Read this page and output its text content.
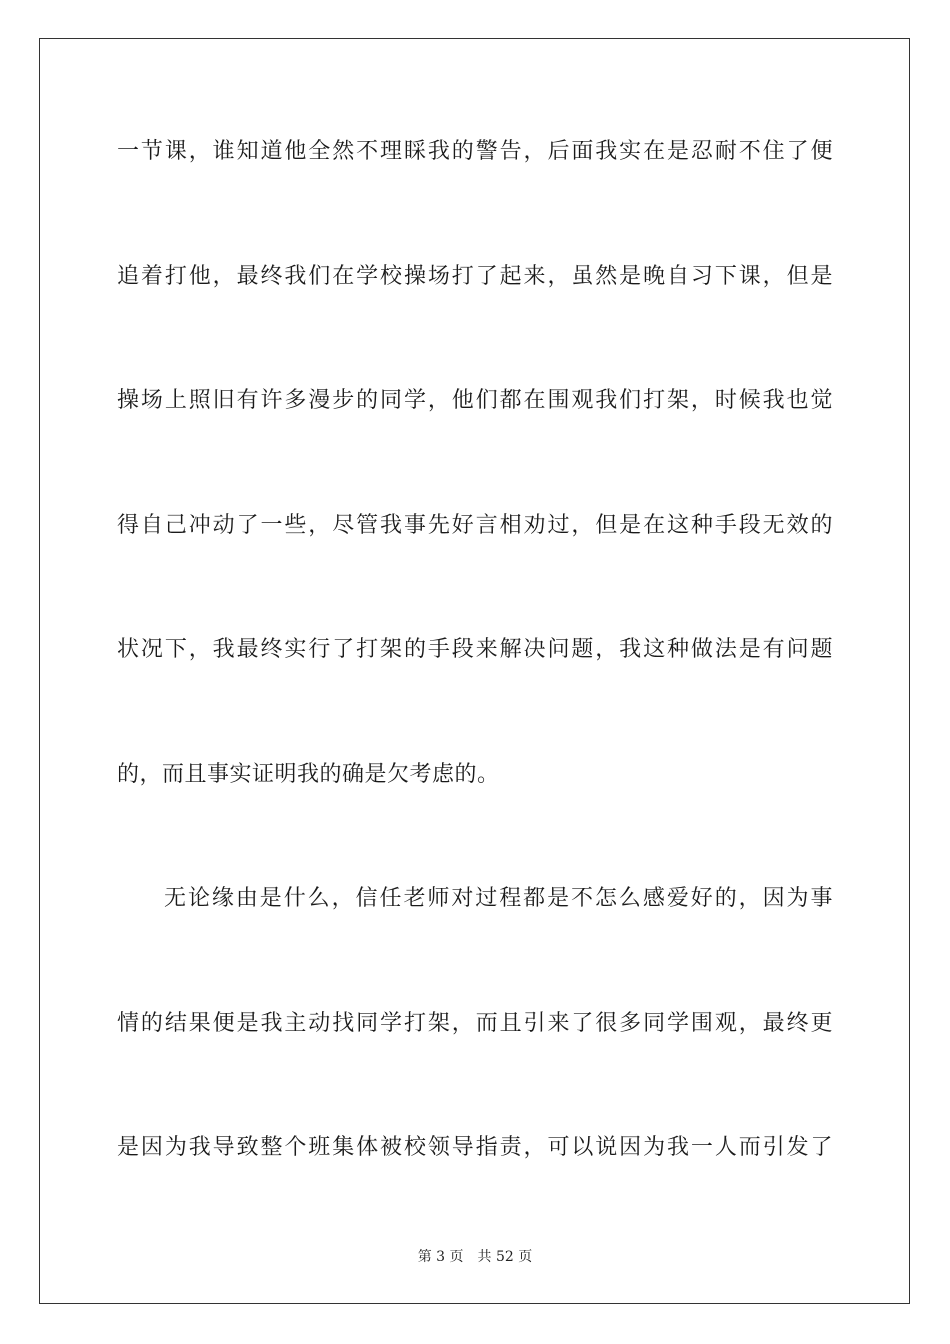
一节课，谁知道他全然不理睬我的警告，后面我实在是忍耐不住了便
追着打他，最终我们在学校操场打了起来，虽然是晚自习下课，但是
操场上照旧有许多漫步的同学，他们都在围观我们打架，时候我也觉
得自己冲动了一些，尽管我事先好言相劝过，但是在这种手段无效的
状况下，我最终实行了打架的手段来解决问题，我这种做法是有问题
的，而且事实证明我的确是欠考虑的。
无论缘由是什么，信任老师对过程都是不怎么感爱好的，因为事
情的结果便是我主动找同学打架，而且引来了很多同学围观，最终更
是因为我导致整个班集体被校领导指责，可以说因为我一人而引发了
第 3 页 共 52 页
